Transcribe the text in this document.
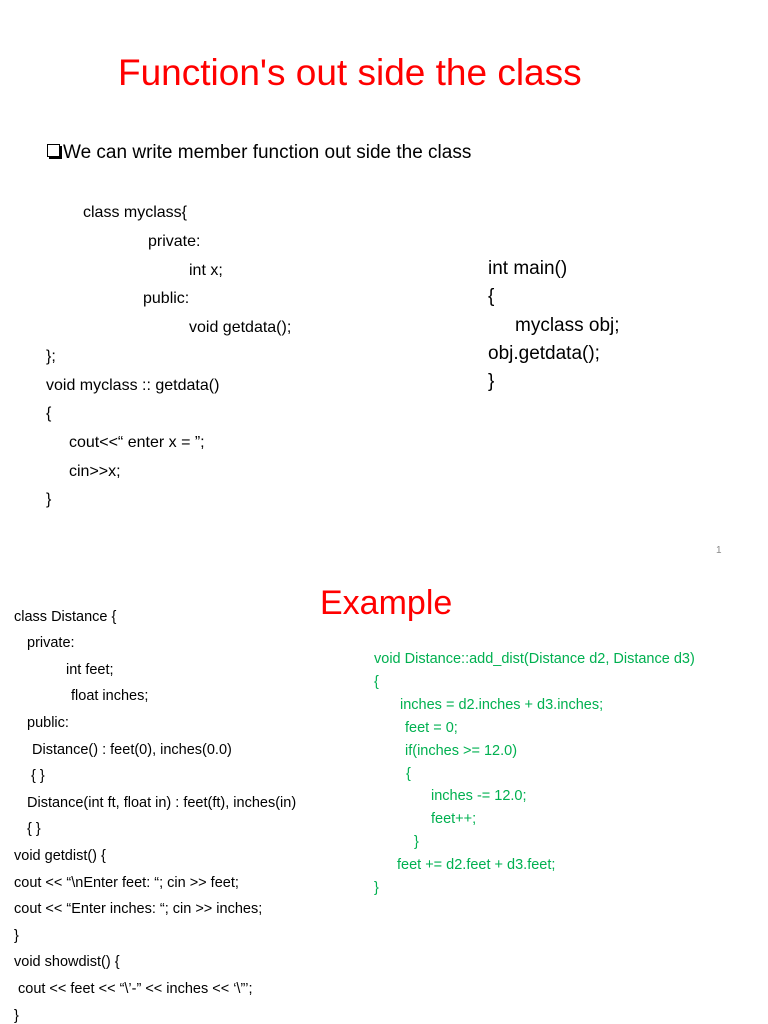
Function's out side the class
We can write member function out side the class
class myclass{
private:
int x;
public:
void getdata();
};
void myclass :: getdata()
{
cout<<“ enter x = ”;
cin>>x;
}
int main()
{
myclass obj;
obj.getdata();
}
1
Example
class Distance {
private:
int feet;
float inches;
public:
Distance() : feet(0), inches(0.0)
{ }
Distance(int ft, float in) : feet(ft), inches(in)
{ }
void getdist() {
cout << “\nEnter feet: “; cin >> feet;
cout << “Enter inches: “; cin >> inches;
}
void showdist() {
cout << feet << “\’-” << inches << ‘\”’;
}
void Distance::add_dist(Distance d2, Distance d3)
{
inches = d2.inches + d3.inches;
feet = 0;
if(inches >= 12.0)
{
inches -= 12.0;
feet++;
}
feet += d2.feet + d3.feet;
}
